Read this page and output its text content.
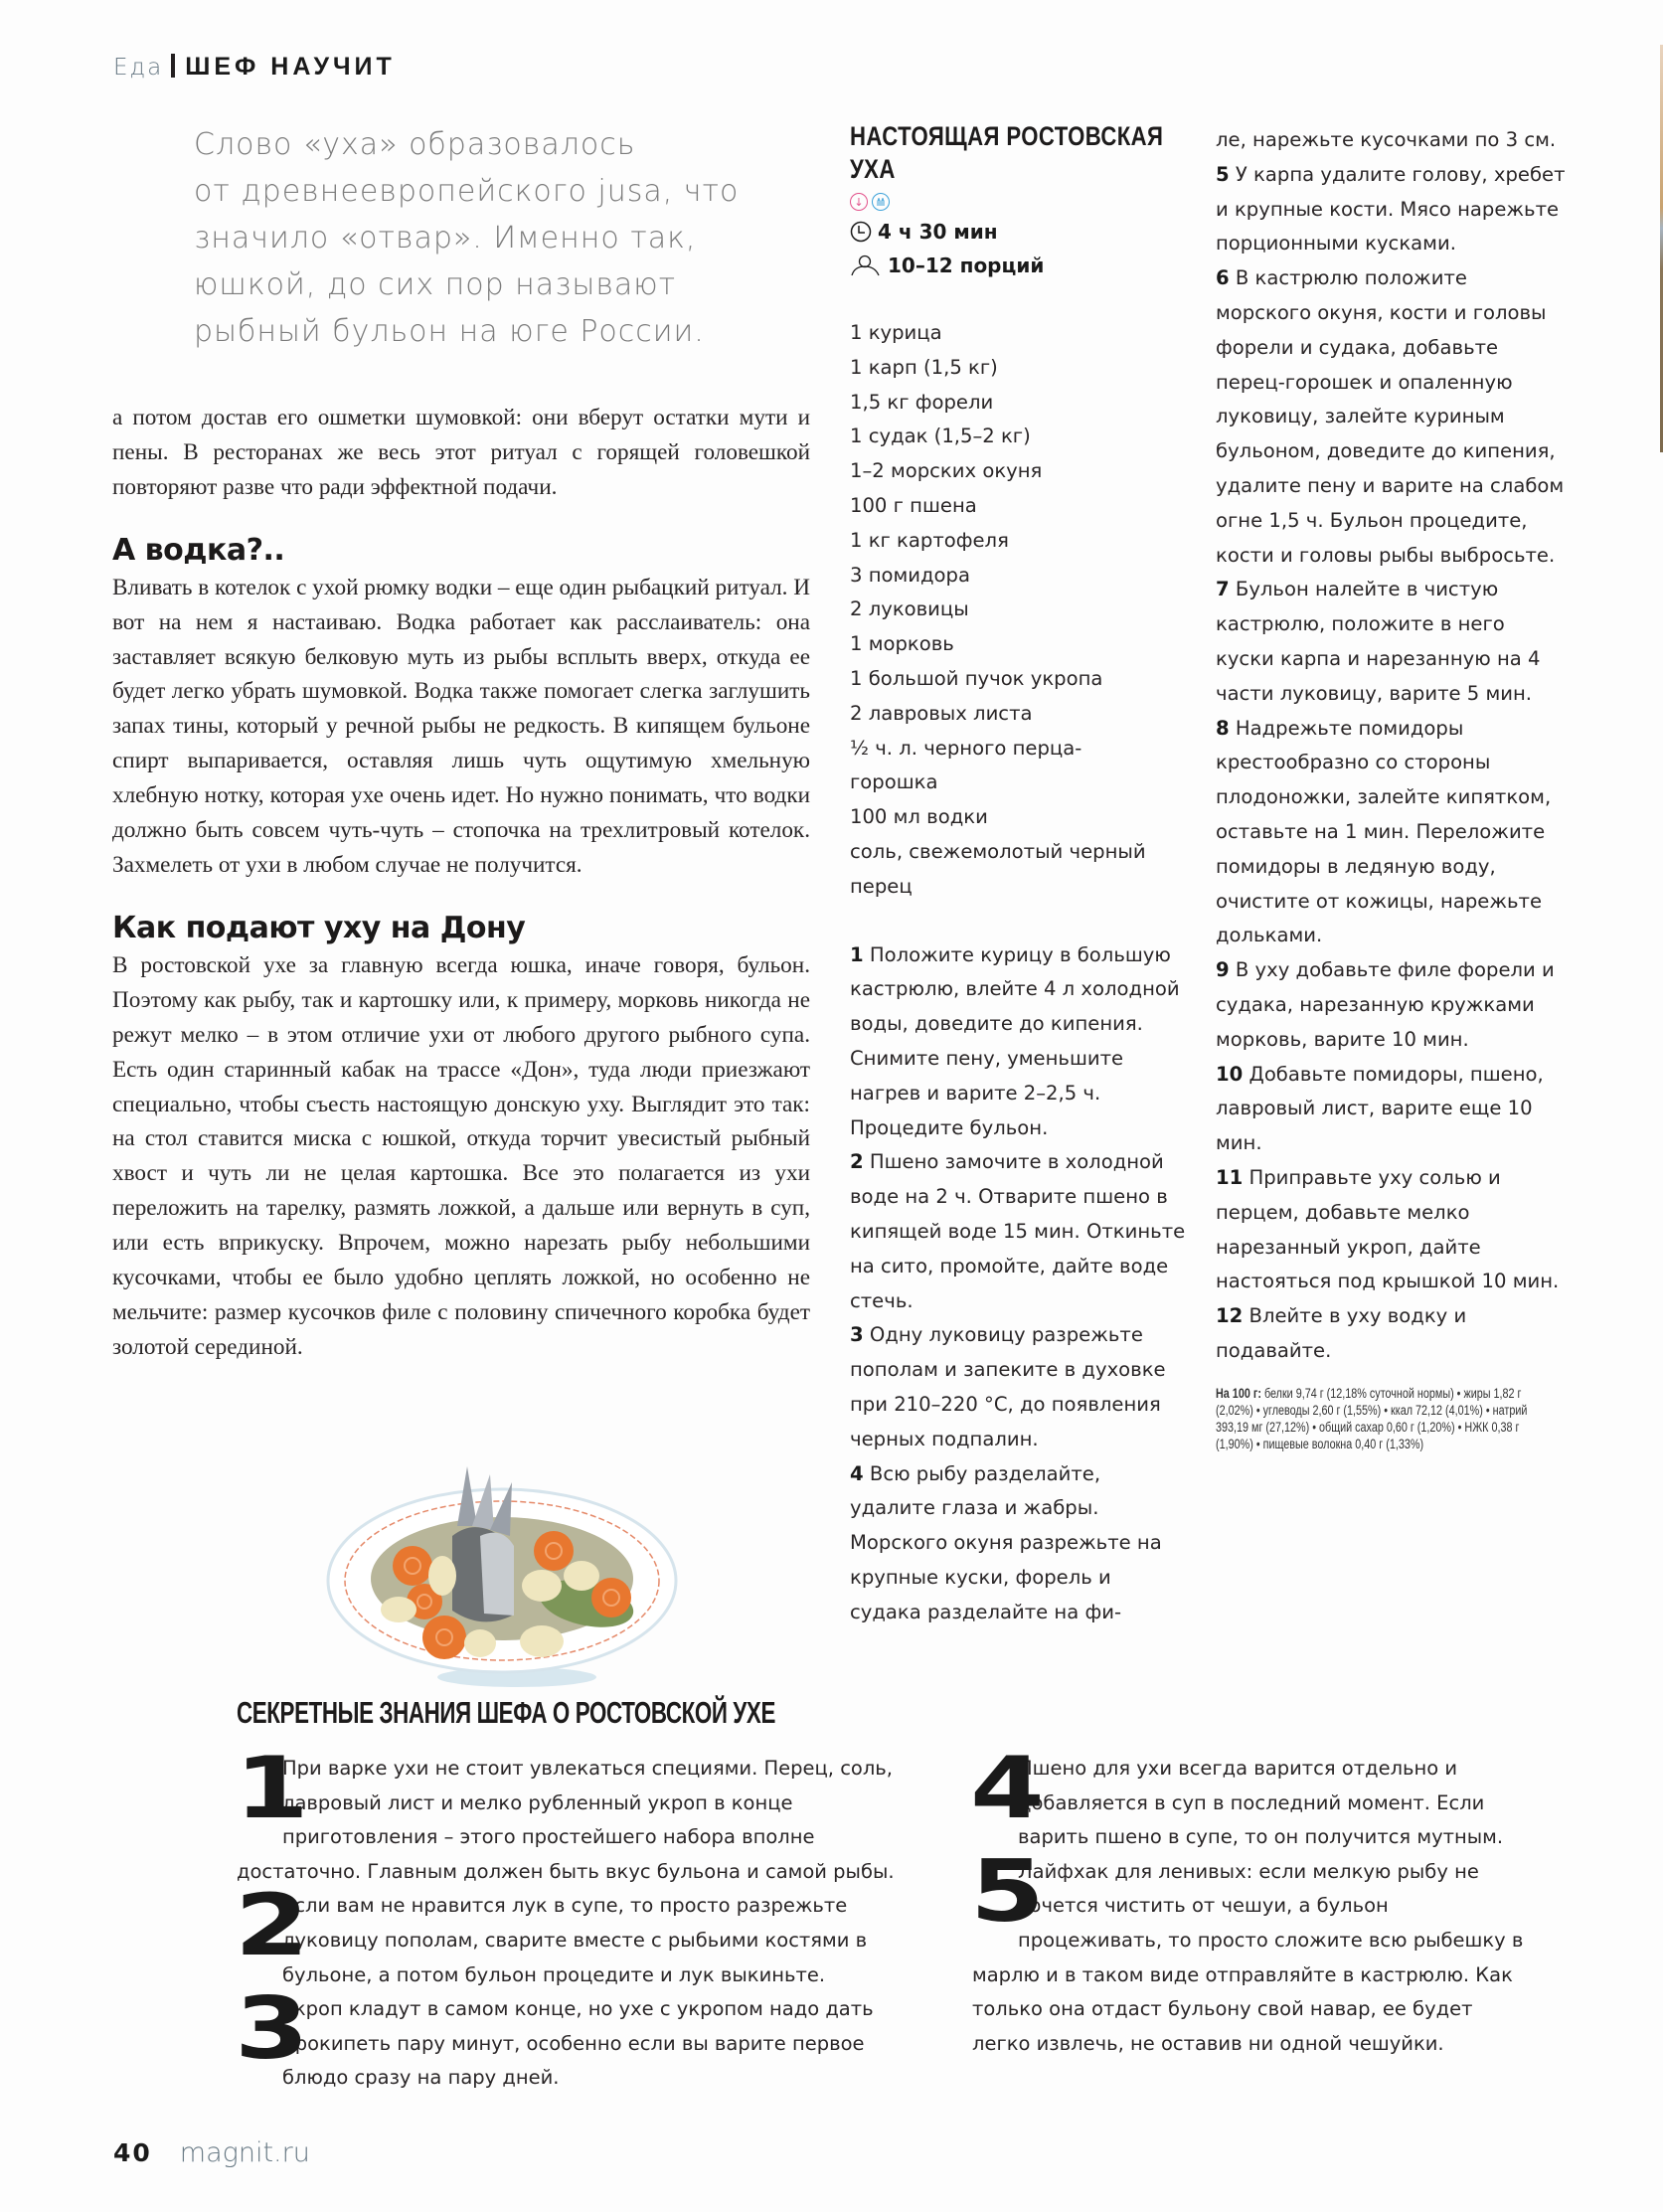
Еда ШЕФ НАУЧИТ

Слово «уха» образовалось

от древнеевропейского jusa, что

значило «отвар». Именно так,

юшкой, до сих пор называют

рыбный бульон на юге России.

а потом достав его ошметки шумовкой: они вберут остатки мути и пены. В ресторанах же весь этот ритуал с горящей головешкой повторяют разве что ради эффектной подачи.

А водка?..

Вливать в котелок с ухой рюмку водки – еще один рыбацкий ритуал. И вот на нем я настаиваю. Водка работает как расслаиватель: она заставляет всякую белковую муть из рыбы всплыть вверх, откуда ее будет легко убрать шумовкой. Водка также помогает слегка заглушить запах тины, который у речной рыбы не редкость. В кипящем бульоне спирт выпаривается, оставляя лишь чуть ощутимую хмельную хлебную нотку, которая ухе очень идет. Но нужно понимать, что водки должно быть совсем чуть-чуть – стопочка на трехлитровый котелок. Захмелеть от ухи в любом случае не получится.

Как подают уху на Дону

В ростовской ухе за главную всегда юшка, иначе говоря, бульон. Поэтому как рыбу, так и картошку или, к примеру, морковь никогда не режут мелко – в этом отличие ухи от любого другого рыбного супа. Есть один старинный кабак на трассе «Дон», туда люди приезжают специально, чтобы съесть настоящую донскую уху. Выглядит это так: на стол ставится миска с юшкой, откуда торчит увесистый рыбный хвост и чуть ли не целая картошка. Все это полагается из ухи переложить на тарелку, размять ложкой, а дальше или вернуть в суп, или есть вприкуску. Впрочем, можно нарезать рыбу небольшими кусочками, чтобы ее было удобно цеплять ложкой, но особенно не мельчите: размер кусочков филе с половину спичечного коробка будет золотой серединой.

НАСТОЯЩАЯ РОСТОВСКАЯ
УХА
↓
4 ч 30 мин
10–12 порций
1 курица
1 карп (1,5 кг)
1,5 кг форели
1 судак (1,5–2 кг)
1–2 морских окуня
100 г пшена
1 кг картофеля
3 помидора
2 луковицы
1 морковь
1 большой пучок укропа
2 лавровых листа
½ ч. л. черного перца-
горошка
100 мл водки
соль, свежемолотый черный
перец

1 Положите курицу в большую кастрюлю, влейте 4 л холодной воды, доведите до кипения. Снимите пену, уменьшите нагрев и варите 2–2,5 ч. Процедите бульон.

2 Пшено замочите в холодной воде на 2 ч. Отварите пшено в кипящей воде 15 мин. Откиньте на сито, промойте, дайте воде стечь.

3 Одну луковицу разрежьте пополам и запеките в духовке при 210–220 °C, до появления черных подпалин.

4 Всю рыбу разделайте, удалите глаза и жабры. Морского окуня разрежьте на крупные куски, форель и судака разделайте на фи-

ле, нарежьте кусочками по 3 см.

5 У карпа удалите голову, хребет и крупные кости. Мясо нарежьте порционными кусками.

6 В кастрюлю положите морского окуня, кости и головы форели и судака, добавьте перец-горошек и опаленную луковицу, залейте куриным бульоном, доведите до кипения, удалите пену и варите на слабом огне 1,5 ч. Бульон процедите, кости и головы рыбы выбросьте.

7 Бульон налейте в чистую кастрюлю, положите в него куски карпа и нарезанную на 4 части луковицу, варите 5 мин.

8 Надрежьте помидоры крестообразно со стороны плодоножки, залейте кипятком, оставьте на 1 мин. Переложите помидоры в ледяную воду, очистите от кожицы, нарежьте дольками.

9 В уху добавьте филе форели и судака, нарезанную кружками морковь, варите 10 мин.

10 Добавьте помидоры, пшено, лавровый лист, варите еще 10 мин.

11 Приправьте уху солью и перцем, добавьте мелко нарезанный укроп, дайте настояться под крышкой 10 мин.

12 Влейте в уху водку и подавайте.

На 100 г: белки 9,74 г (12,18% суточной нормы) • жиры 1,82 г (2,02%) • углеводы 2,60 г (1,55%) • ккал 72,12 (4,01%) • натрий 393,19 мг (27,12%) • общий сахар 0,60 г (1,20%) • НЖК 0,38 г (1,90%) • пищевые волокна 0,40 г (1,33%)
СЕКРЕТНЫЕ ЗНАНИЯ ШЕФА О РОСТОВСКОЙ УХЕ
1
При варке ухи не стоит увлекаться специями. Перец, соль, лавровый лист и мелко рубленный укроп в конце приготовления – этого простейшего набора вполне достаточно. Главным должен быть вкус бульона и самой рыбы.
2
Если вам не нравится лук в супе, то просто разрежьте луковицу пополам, сварите вместе с рыбьими костями в бульоне, а потом бульон процедите и лук выкиньте.
3
Укроп кладут в самом конце, но ухе с укропом надо дать прокипеть пару минут, особенно если вы варите первое блюдо сразу на пару дней.
4
Пшено для ухи всегда варится отдельно и добавляется в суп в последний момент. Если варить пшено в супе, то он получится мутным.
5
Лайфхак для ленивых: если мелкую рыбу не хочется чистить от чешуи, а бульон процеживать, то просто сложите всю рыбешку в марлю и в таком виде отправляйте в кастрюлю. Как только она отдаст бульону свой навар, ее будет легко извлечь, не оставив ни одной чешуйки.
40 magnit.ru
